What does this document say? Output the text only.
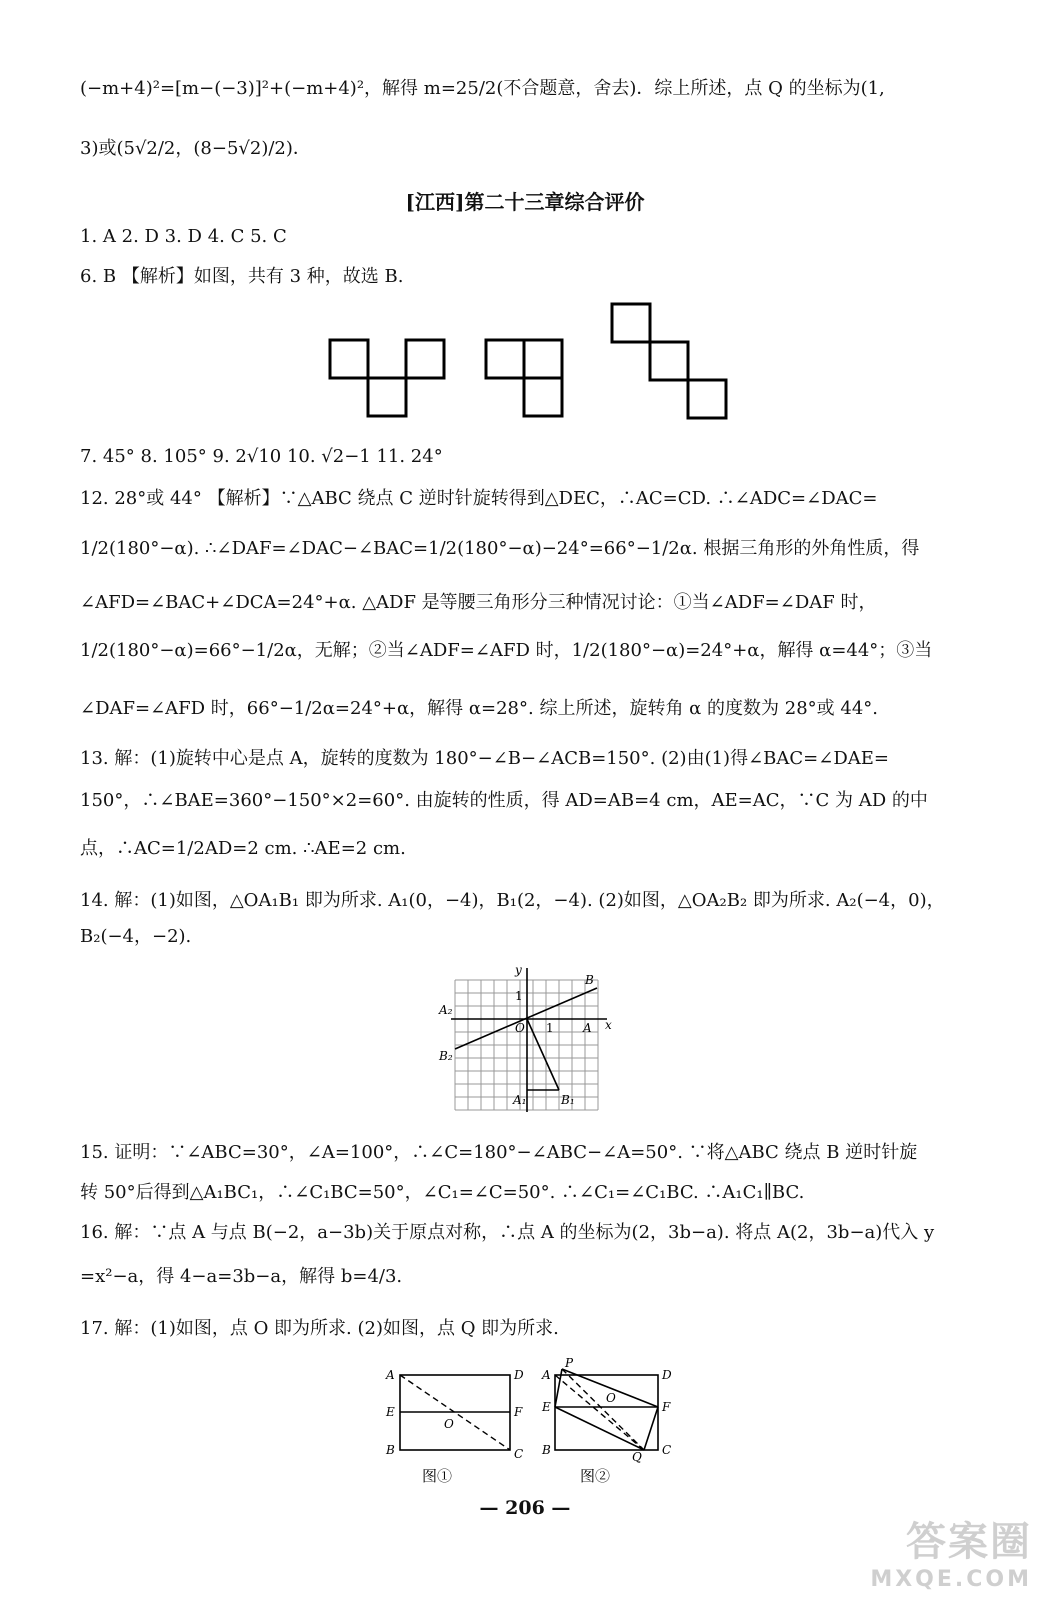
(−m+4)²=[m−(−3)]²+(−m+4)²，解得 m=25/2(不合题意，舍去)．综上所述，点 Q 的坐标为(1,
3)或(5√2/2，(8−5√2)/2)．
[江西]第二十三章综合评价
1. A 2. D 3. D 4. C 5. C
6. B 【解析】如图，共有 3 种，故选 B.
7. 45° 8. 105° 9. 2√10 10. √2−1 11. 24°
12. 28°或 44° 【解析】∵△ABC 绕点 C 逆时针旋转得到△DEC，∴AC=CD. ∴∠ADC=∠DAC=
1/2(180°−α). ∴∠DAF=∠DAC−∠BAC=1/2(180°−α)−24°=66°−1/2α. 根据三角形的外角性质，得
∠AFD=∠BAC+∠DCA=24°+α. △ADF 是等腰三角形分三种情况讨论：①当∠ADF=∠DAF 时，
1/2(180°−α)=66°−1/2α，无解；②当∠ADF=∠AFD 时，1/2(180°−α)=24°+α，解得 α=44°；③当
∠DAF=∠AFD 时，66°−1/2α=24°+α，解得 α=28°. 综上所述，旋转角 α 的度数为 28°或 44°.
13. 解：(1)旋转中心是点 A，旋转的度数为 180°−∠B−∠ACB=150°. (2)由(1)得∠BAC=∠DAE=
150°，∴∠BAE=360°−150°×2=60°. 由旋转的性质，得 AD=AB=4 cm，AE=AC，∵C 为 AD 的中
点，∴AC=1/2AD=2 cm. ∴AE=2 cm.
14. 解：(1)如图，△OA₁B₁ 即为所求. A₁(0，−4)，B₁(2，−4). (2)如图，△OA₂B₂ 即为所求. A₂(−4，0)，
B₂(−4，−2).
y
x
1
1
O	A
B
A₁	B₁
A₂
B₂
15. 证明：∵∠ABC=30°，∠A=100°，∴∠C=180°−∠ABC−∠A=50°. ∵将△ABC 绕点 B 逆时针旋
转 50°后得到△A₁BC₁，∴∠C₁BC=50°，∠C₁=∠C=50°. ∴∠C₁=∠C₁BC. ∴A₁C₁∥BC.
16. 解：∵点 A 与点 B(−2，a−3b)关于原点对称，∴点 A 的坐标为(2，3b−a). 将点 A(2，3b−a)代入 y
=x²−a，得 4−a=3b−a，解得 b=4/3.
17. 解：(1)如图，点 O 即为所求. (2)如图，点 Q 即为所求.
A	D
E	F
O
B	C
A
P
D
E	F
O
B	Q C
图①	图②
— 206 —
答案圈
MXQE.COM
